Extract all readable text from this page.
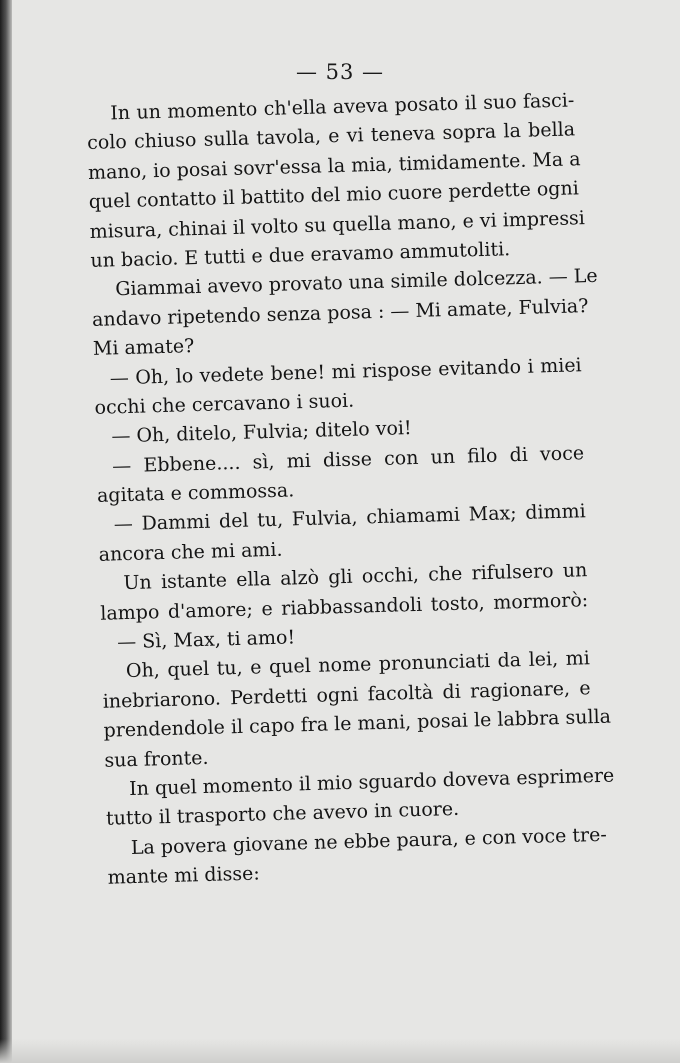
— 53 —
In un momento ch'ella aveva posato il suo fasci-
colo chiuso sulla tavola, e vi teneva sopra la bella
mano, io posai sovr'essa la mia, timidamente. Ma a
quel contatto il battito del mio cuore perdette ogni
misura, chinai il volto su quella mano, e vi impressi
un bacio. E tutti e due eravamo ammutoliti.
Giammai avevo provato una simile dolcezza. — Le
andavo ripetendo senza posa : — Mi amate, Fulvia?
Mi amate?
— Oh, lo vedete bene! mi rispose evitando i miei
occhi che cercavano i suoi.
— Oh, ditelo, Fulvia; ditelo voi!
— Ebbene.... sì, mi disse con un filo di voce
agitata e commossa.
— Dammi del tu, Fulvia, chiamami Max; dimmi
ancora che mi ami.
Un istante ella alzò gli occhi, che rifulsero un
lampo d'amore; e riabbassandoli tosto, mormorò:
— Sì, Max, ti amo!
Oh, quel tu, e quel nome pronunciati da lei, mi
inebriarono. Perdetti ogni facoltà di ragionare, e
prendendole il capo fra le mani, posai le labbra sulla
sua fronte.
In quel momento il mio sguardo doveva esprimere
tutto il trasporto che avevo in cuore.
La povera giovane ne ebbe paura, e con voce tre-
mante mi disse:
